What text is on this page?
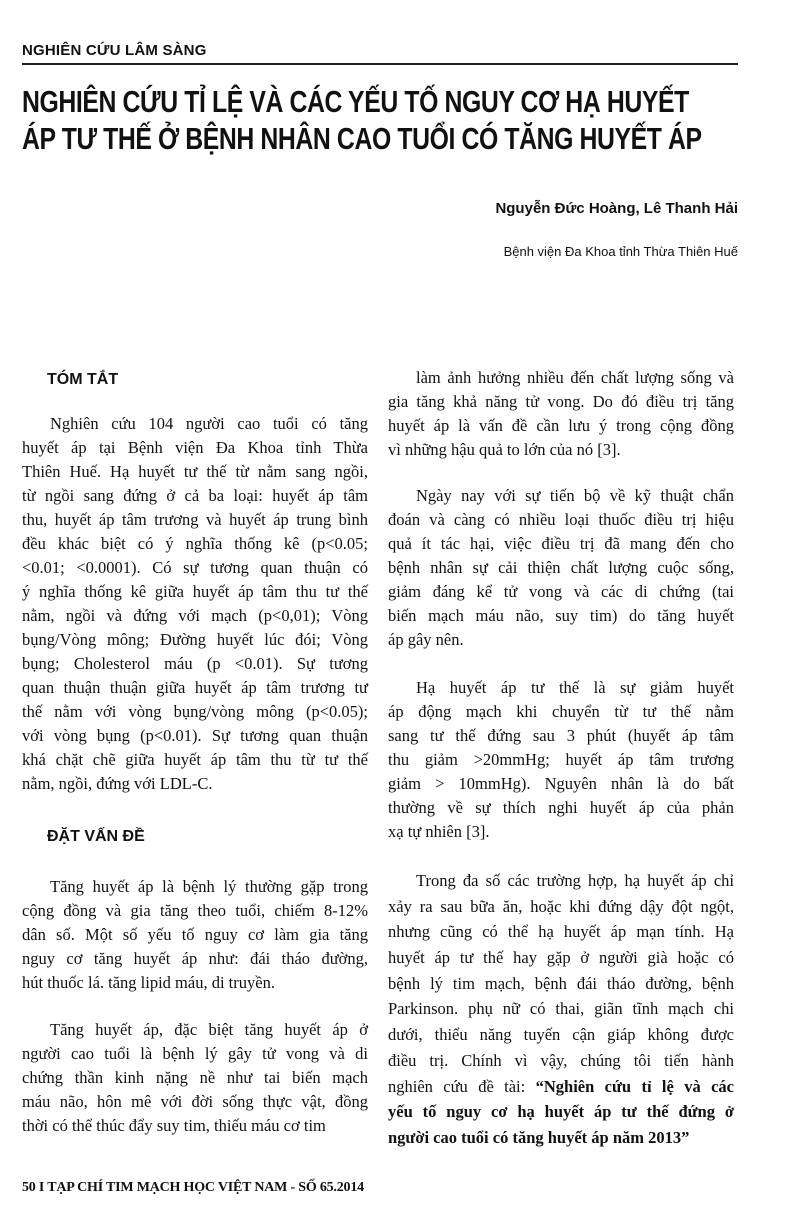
NGHIÊN CỨU LÂM SÀNG
NGHIÊN CỨU TỈ LỆ VÀ CÁC YẾU TỐ NGUY CƠ HẠ HUYẾT
ÁP TƯ THẾ Ở BỆNH NHÂN CAO TUỔI CÓ TĂNG HUYẾT ÁP
Nguyễn Đức Hoàng, Lê Thanh Hải
Bệnh viện Đa Khoa tỉnh Thừa Thiên Huế
TÓM TẮT
ĐẶT VẤN ĐỀ
Nghiên cứu 104 người cao tuổi có tăng
huyết áp tại Bệnh viện Đa Khoa tỉnh Thừa
Thiên Huế. Hạ huyết tư thế từ nằm sang ngồi,
từ ngồi sang đứng ở cả ba loại: huyết áp tâm
thu, huyết áp tâm trương và huyết áp trung bình
đều khác biệt có ý nghĩa thống kê (p<0.05;
<0.01; <0.0001). Có sự tương quan thuận có
ý nghĩa thống kê giữa huyết áp tâm thu tư thế
nằm, ngồi và đứng với mạch (p<0,01); Vòng
bụng/Vòng mông; Đường huyết lúc đói; Vòng
bụng; Cholesterol máu (p <0.01). Sự tương
quan thuận thuận giữa huyết áp tâm trương tư
thế nằm với vòng bụng/vòng mông (p<0.05);
với vòng bụng (p<0.01). Sự tương quan thuận
khá chặt chẽ giữa huyết áp tâm thu từ tư thế
nằm, ngồi, đứng với LDL-C.
Tăng huyết áp là bệnh lý thường gặp trong
cộng đồng và gia tăng theo tuổi, chiếm 8-12%
dân số. Một số yếu tố nguy cơ làm gia tăng
nguy cơ tăng huyết áp như: đái tháo đường,
hút thuốc lá. tăng lipid máu, di truyền.
Tăng huyết áp, đặc biệt tăng huyết áp ở
người cao tuổi là bệnh lý gây tử vong và di
chứng thần kinh nặng nề như tai biến mạch
máu não, hôn mê với đời sống thực vật, đồng
thời có thể thúc đẩy suy tim, thiếu máu cơ tim
làm ảnh hưởng nhiều đến chất lượng sống và
gia tăng khả năng tử vong. Do đó điều trị tăng
huyết áp là vấn đề cần lưu ý trong cộng đồng
vì những hậu quả to lớn của nó [3].
Ngày nay với sự tiến bộ về kỹ thuật chẩn
đoán và càng có nhiều loại thuốc điều trị hiệu
quả ít tác hại, việc điều trị đã mang đến cho
bệnh nhân sự cải thiện chất lượng cuộc sống,
giảm đáng kể tử vong và các di chứng (tai
biến mạch máu não, suy tim) do tăng huyết
áp gây nên.
Hạ huyết áp tư thế là sự giảm huyết
áp động mạch khi chuyển từ tư thế nằm
sang tư thế đứng sau 3 phút (huyết áp tâm
thu giảm >20mmHg; huyết áp tâm trương
giảm > 10mmHg). Nguyên nhân là do bất
thường về sự thích nghi huyết áp của phản
xạ tự nhiên [3].
Trong đa số các trường hợp, hạ huyết áp chỉ
xảy ra sau bữa ăn, hoặc khi đứng dậy đột ngột,
nhưng cũng có thể hạ huyết áp mạn tính. Hạ
huyết áp tư thế hay gặp ở người già hoặc có
bệnh lý tim mạch, bệnh đái tháo đường, bệnh
Parkinson. phụ nữ có thai, giãn tĩnh mạch chi
dưới, thiểu năng tuyến cận giáp không được
điều trị. Chính vì vậy, chúng tôi tiến hành
nghiên cứu đề tài: “Nghiên cứu tỉ lệ và các
yếu tố nguy cơ hạ huyết áp tư thế đứng ở
người cao tuổi có tăng huyết áp năm 2013”
50 I TẠP CHÍ TIM MẠCH HỌC VIỆT NAM - SỐ 65.2014
